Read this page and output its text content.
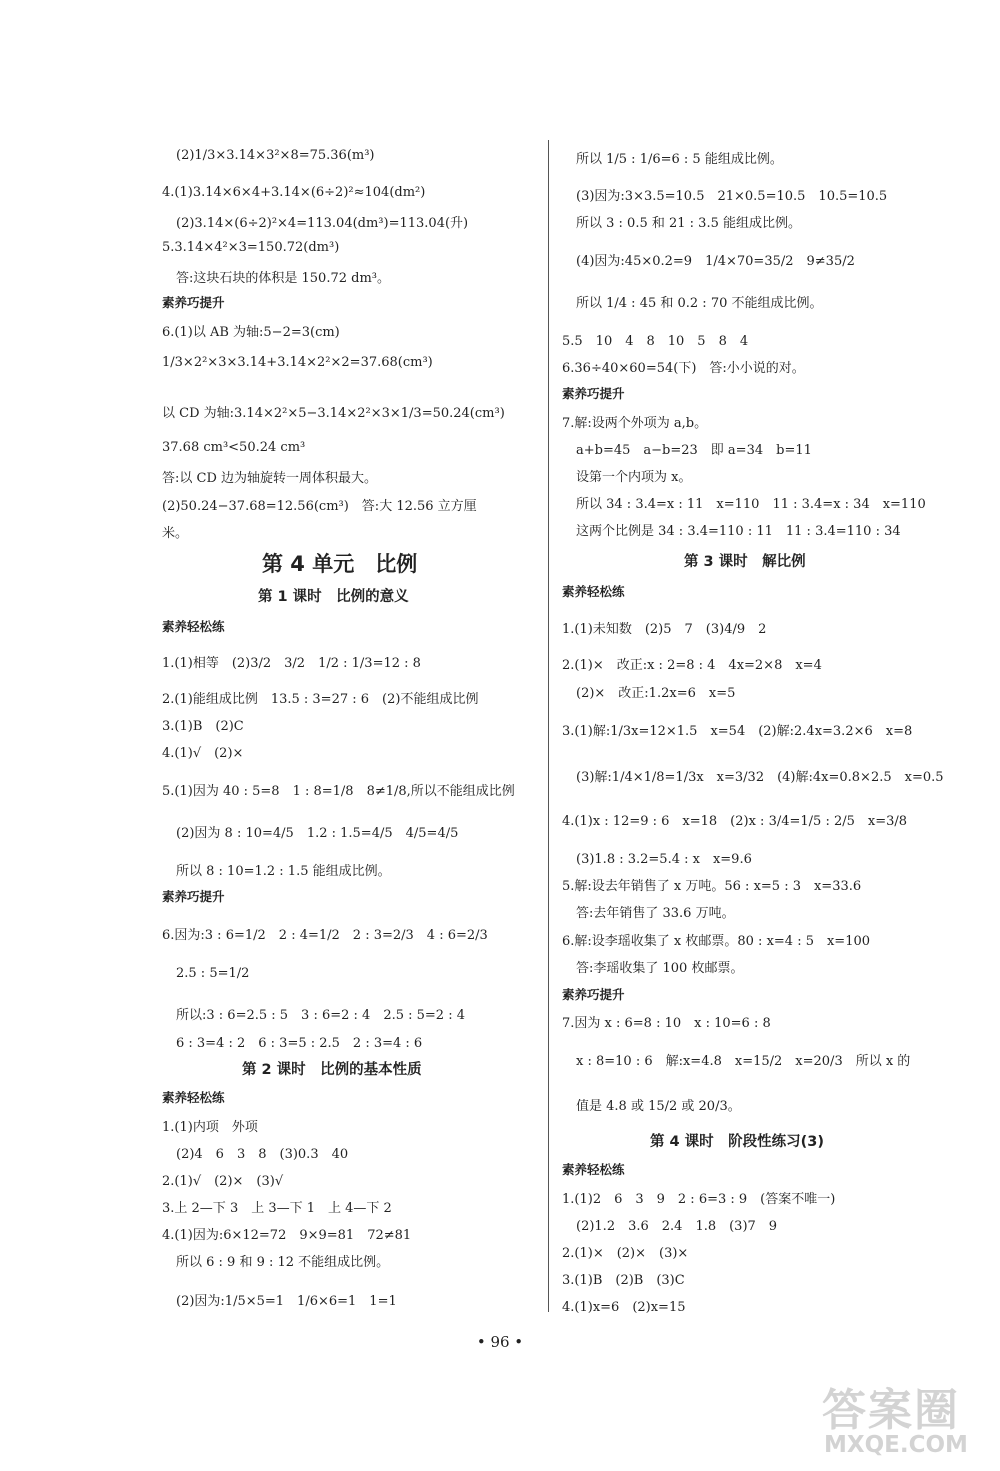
(2)1/3×3.14×3²×8=75.36(m³)
4.(1)3.14×6×4+3.14×(6÷2)²≈104(dm²)
(2)3.14×(6÷2)²×4=113.04(dm³)=113.04(升)
5.3.14×4²×3=150.72(dm³)
答:这块石块的体积是 150.72 dm³。
素养巧提升
6.(1)以 AB 为轴:5−2=3(cm)
1/3×2²×3×3.14+3.14×2²×2=37.68(cm³)
以 CD 为轴:3.14×2²×5−3.14×2²×3×1/3=50.24(cm³)
37.68 cm³<50.24 cm³
答:以 CD 边为轴旋转一周体积最大。
(2)50.24−37.68=12.56(cm³)　答:大 12.56 立方厘
米。
第 4 单元　比例
第 1 课时　比例的意义
素养轻松练
1.(1)相等　(2)3/2　3/2　1/2 : 1/3=12 : 8
2.(1)能组成比例　13.5 : 3=27 : 6　(2)不能组成比例
3.(1)B　(2)C
4.(1)√　(2)×
5.(1)因为 40 : 5=8　1 : 8=1/8　8≠1/8,所以不能组成比例
(2)因为 8 : 10=4/5　1.2 : 1.5=4/5　4/5=4/5
所以 8 : 10=1.2 : 1.5 能组成比例。
素养巧提升
6.因为:3 : 6=1/2　2 : 4=1/2　2 : 3=2/3　4 : 6=2/3
2.5 : 5=1/2
所以:3 : 6=2.5 : 5　3 : 6=2 : 4　2.5 : 5=2 : 4
6 : 3=4 : 2　6 : 3=5 : 2.5　2 : 3=4 : 6
第 2 课时　比例的基本性质
素养轻松练
1.(1)内项　外项
(2)4　6　3　8　(3)0.3　40
2.(1)√　(2)×　(3)√
3.上 2—下 3　上 3—下 1　上 4—下 2
4.(1)因为:6×12=72　9×9=81　72≠81
所以 6 : 9 和 9 : 12 不能组成比例。
(2)因为:1/5×5=1　1/6×6=1　1=1
所以 1/5 : 1/6=6 : 5 能组成比例。
(3)因为:3×3.5=10.5　21×0.5=10.5　10.5=10.5
所以 3 : 0.5 和 21 : 3.5 能组成比例。
(4)因为:45×0.2=9　1/4×70=35/2　9≠35/2
所以 1/4 : 45 和 0.2 : 70 不能组成比例。
5.5　10　4　8　10　5　8　4
6.36÷40×60=54(下)　答:小小说的对。
素养巧提升
7.解:设两个外项为 a,b。
a+b=45　a−b=23　即 a=34　b=11
设第一个内项为 x。
所以 34 : 3.4=x : 11　x=110　11 : 3.4=x : 34　x=110
这两个比例是 34 : 3.4=110 : 11　11 : 3.4=110 : 34
第 3 课时　解比例
素养轻松练
1.(1)未知数　(2)5　7　(3)4/9　2
2.(1)×　改正:x : 2=8 : 4　4x=2×8　x=4
(2)×　改正:1.2x=6　x=5
3.(1)解:1/3x=12×1.5　x=54　(2)解:2.4x=3.2×6　x=8
(3)解:1/4×1/8=1/3x　x=3/32　(4)解:4x=0.8×2.5　x=0.5
4.(1)x : 12=9 : 6　x=18　(2)x : 3/4=1/5 : 2/5　x=3/8
(3)1.8 : 3.2=5.4 : x　x=9.6
5.解:设去年销售了 x 万吨。56 : x=5 : 3　x=33.6
答:去年销售了 33.6 万吨。
6.解:设李瑶收集了 x 枚邮票。80 : x=4 : 5　x=100
答:李瑶收集了 100 枚邮票。
素养巧提升
7.因为 x : 6=8 : 10　x : 10=6 : 8
x : 8=10 : 6　解:x=4.8　x=15/2　x=20/3　所以 x 的
值是 4.8 或 15/2 或 20/3。
第 4 课时　阶段性练习(3)
素养轻松练
1.(1)2　6　3　9　2 : 6=3 : 9　(答案不唯一)
(2)1.2　3.6　2.4　1.8　(3)7　9
2.(1)×　(2)×　(3)×
3.(1)B　(2)B　(3)C
4.(1)x=6　(2)x=15
• 96 •
答案圈
MXQE.COM
